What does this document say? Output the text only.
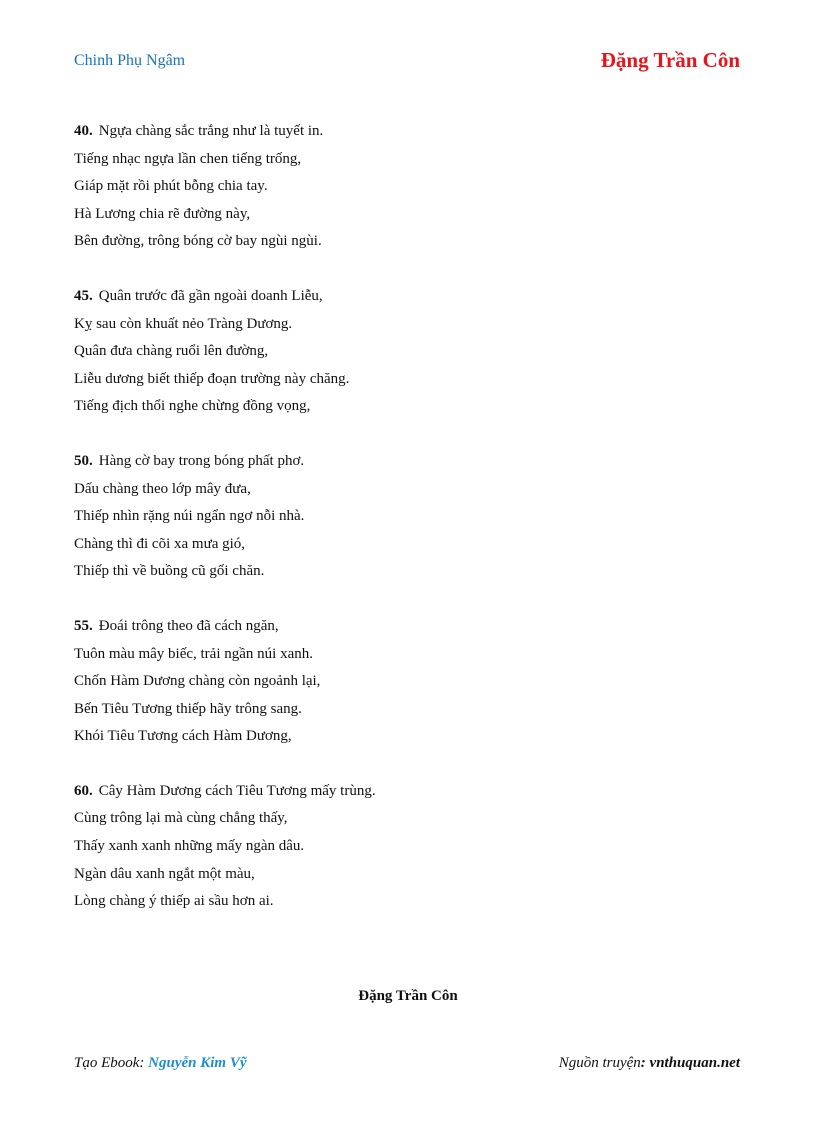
Chinh Phụ Ngâm	Đặng Trần Côn
40. Ngựa chàng sắc trắng như là tuyết in.
Tiếng nhạc ngựa lần chen tiếng trống,
Giáp mặt rồi phút bỗng chia tay.
Hà Lương chia rẽ đường này,
Bên đường, trông bóng cờ bay ngùi ngùi.
45. Quân trước đã gần ngoài doanh Liễu,
Kỵ sau còn khuất nẻo Tràng Dương.
Quân đưa chàng ruổi lên đường,
Liễu dương biết thiếp đoạn trường này chăng.
Tiếng địch thổi nghe chừng đồng vọng,
50. Hàng cờ bay trong bóng phất phơ.
Dấu chàng theo lớp mây đưa,
Thiếp nhìn rặng núi ngẩn ngơ nỗi nhà.
Chàng thì đi cõi xa mưa gió,
Thiếp thì về buồng cũ gối chăn.
55. Đoái trông theo đã cách ngăn,
Tuôn màu mây biếc, trải ngần núi xanh.
Chốn Hàm Dương chàng còn ngoảnh lại,
Bến Tiêu Tương thiếp hãy trông sang.
Khói Tiêu Tương cách Hàm Dương,
60. Cây Hàm Dương cách Tiêu Tương mấy trùng.
Cùng trông lại mà cùng chẳng thấy,
Thấy xanh xanh những mấy ngàn dâu.
Ngàn dâu xanh ngắt một màu,
Lòng chàng ý thiếp ai sầu hơn ai.
Đặng Trần Côn
Tạo Ebook: Nguyễn Kim Vỹ	Nguồn truyện: vnthuquan.net
